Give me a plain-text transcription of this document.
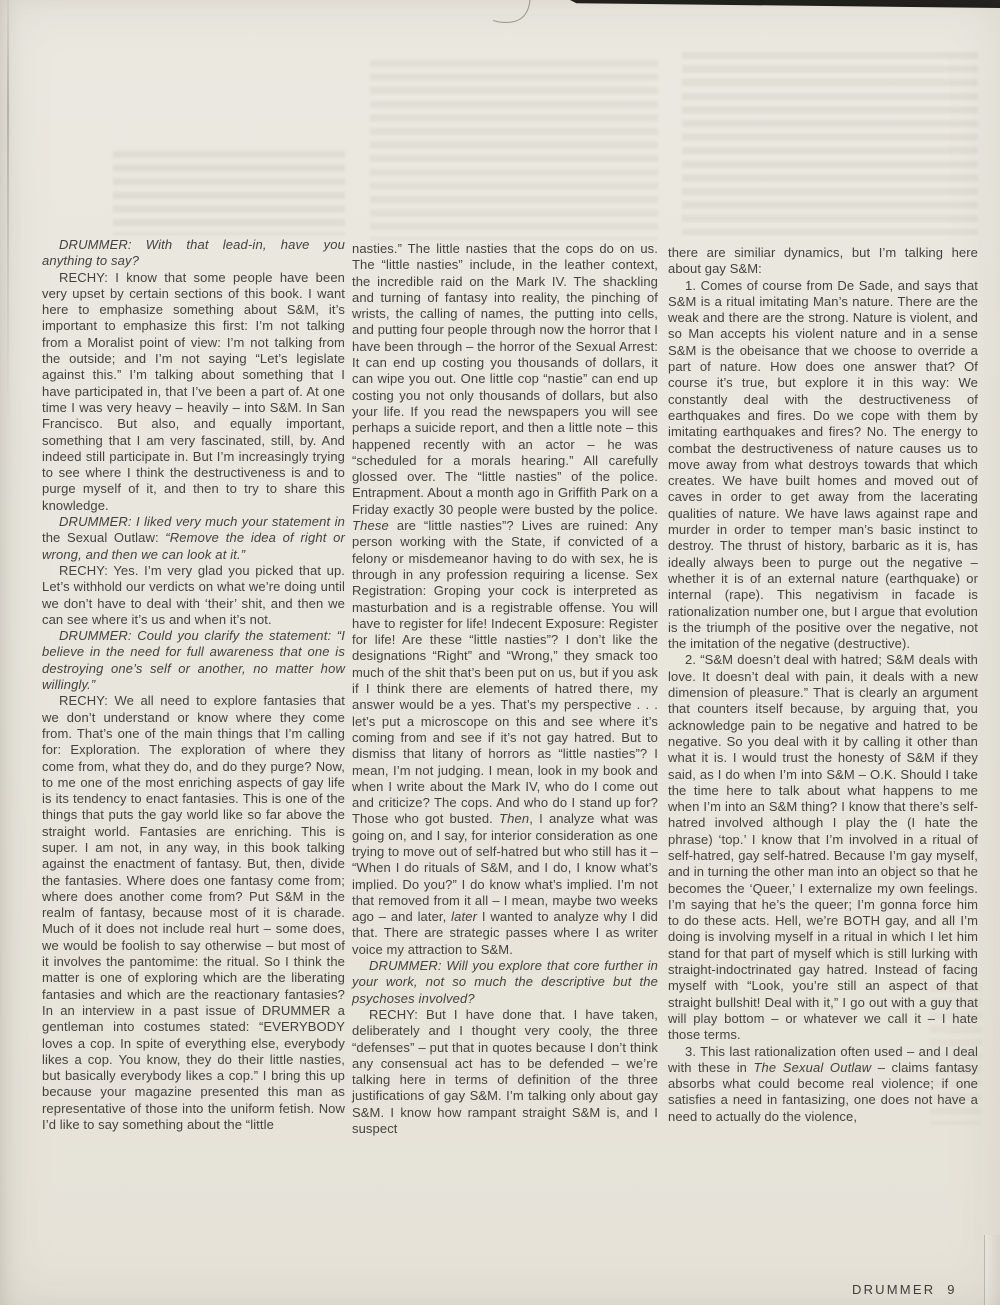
DRUMMER: With that lead-in, have you anything to say?

RECHY: I know that some people have been very upset by certain sections of this book. I want here to emphasize something about S&M, it’s important to emphasize this first: I’m not talking from a Moralist point of view: I’m not talking from the outside; and I’m not saying “Let’s legislate against this.” I’m talking about something that I have participated in, that I’ve been a part of. At one time I was very heavy – heavily – into S&M. In San Francisco. But also, and equally important, something that I am very fascinated, still, by. And indeed still participate in. But I’m increasingly trying to see where I think the destructiveness is and to purge myself of it, and then to try to share this knowledge.

DRUMMER: I liked very much your statement in the Sexual Outlaw: “Remove the idea of right or wrong, and then we can look at it.”

RECHY: Yes. I’m very glad you picked that up. Let’s withhold our verdicts on what we’re doing until we don’t have to deal with ‘their’ shit, and then we can see where it’s us and when it’s not.

DRUMMER: Could you clarify the statement: “I believe in the need for full awareness that one is destroying one’s self or another, no matter how willingly.”

RECHY: We all need to explore fantasies that we don’t understand or know where they come from. That’s one of the main things that I’m calling for: Exploration. The exploration of where they come from, what they do, and do they purge? Now, to me one of the most enriching aspects of gay life is its tendency to enact fantasies. This is one of the things that puts the gay world like so far above the straight world. Fantasies are enriching. This is super. I am not, in any way, in this book talking against the enactment of fantasy. But, then, divide the fantasies. Where does one fantasy come from; where does another come from? Put S&M in the realm of fantasy, because most of it is charade. Much of it does not include real hurt – some does, we would be foolish to say otherwise – but most of it involves the pantomime: the ritual. So I think the matter is one of exploring which are the liberating fantasies and which are the reactionary fantasies? In an interview in a past issue of DRUMMER a gentleman into costumes stated: “EVERYBODY loves a cop. In spite of everything else, everybody likes a cop. You know, they do their little nasties, but basically everybody likes a cop.” I bring this up because your magazine presented this man as representative of those into the uniform fetish. Now I’d like to say something about the “little

nasties.” The little nasties that the cops do on us. The “little nasties” include, in the leather context, the incredible raid on the Mark IV. The shackling and turning of fantasy into reality, the pinching of wrists, the calling of names, the putting into cells, and putting four people through now the horror that I have been through – the horror of the Sexual Arrest: It can end up costing you thousands of dollars, it can wipe you out. One little cop “nastie” can end up costing you not only thousands of dollars, but also your life. If you read the newspapers you will see perhaps a suicide report, and then a little note – this happened recently with an actor – he was “scheduled for a morals hearing.” All carefully glossed over. The “little nasties” of the police. Entrapment. About a month ago in Griffith Park on a Friday exactly 30 people were busted by the police. These are “little nasties”? Lives are ruined: Any person working with the State, if convicted of a felony or misdemeanor having to do with sex, he is through in any profession requiring a license. Sex Registration: Groping your cock is interpreted as masturbation and is a registrable offense. You will have to register for life! Indecent Exposure: Register for life! Are these “little nasties”? I don’t like the designations “Right” and “Wrong,” they smack too much of the shit that’s been put on us, but if you ask if I think there are elements of hatred there, my answer would be a yes. That’s my perspective . . . let’s put a microscope on this and see where it’s coming from and see if it’s not gay hatred. But to dismiss that litany of horrors as “little nasties”? I mean, I’m not judging. I mean, look in my book and when I write about the Mark IV, who do I come out and criticize? The cops. And who do I stand up for? Those who got busted. Then, I analyze what was going on, and I say, for interior consideration as one trying to move out of self-hatred but who still has it – “When I do rituals of S&M, and I do, I know what’s implied. Do you?” I do know what’s implied. I’m not that removed from it all – I mean, maybe two weeks ago – and later, later I wanted to analyze why I did that. There are strategic passes where I as writer voice my attraction to S&M.

DRUMMER: Will you explore that core further in your work, not so much the descriptive but the psychoses involved?

RECHY: But I have done that. I have taken, deliberately and I thought very cooly, the three “defenses” – put that in quotes because I don’t think any consensual act has to be defended – we’re talking here in terms of definition of the three justifications of gay S&M. I’m talking only about gay S&M. I know how rampant straight S&M is, and I suspect

there are similiar dynamics, but I’m talking here about gay S&M:

1. Comes of course from De Sade, and says that S&M is a ritual imitating Man’s nature. There are the weak and there are the strong. Nature is violent, and so Man accepts his violent nature and in a sense S&M is the obeisance that we choose to override a part of nature. How does one answer that? Of course it’s true, but explore it in this way: We constantly deal with the destructiveness of earthquakes and fires. Do we cope with them by imitating earthquakes and fires? No. The energy to combat the destructiveness of nature causes us to move away from what destroys towards that which creates. We have built homes and moved out of caves in order to get away from the lacerating qualities of nature. We have laws against rape and murder in order to temper man’s basic instinct to destroy. The thrust of history, barbaric as it is, has ideally always been to purge out the negative – whether it is of an external nature (earthquake) or internal (rape). This negativism in facade is rationalization number one, but I argue that evolution is the triumph of the positive over the negative, not the imitation of the negative (destructive).

2. “S&M doesn’t deal with hatred; S&M deals with love. It doesn’t deal with pain, it deals with a new dimension of pleasure.” That is clearly an argument that counters itself because, by arguing that, you acknowledge pain to be negative and hatred to be negative. So you deal with it by calling it other than what it is. I would trust the honesty of S&M if they said, as I do when I’m into S&M – O.K. Should I take the time here to talk about what happens to me when I’m into an S&M thing? I know that there’s self-hatred involved although I play the (I hate the phrase) ‘top.’ I know that I’m involved in a ritual of self-hatred, gay self-hatred. Because I’m gay myself, and in turning the other man into an object so that he becomes the ‘Queer,’ I externalize my own feelings. I’m saying that he’s the queer; I’m gonna force him to do these acts. Hell, we’re BOTH gay, and all I’m doing is involving myself in a ritual in which I let him stand for that part of myself which is still lurking with straight-indoctrinated gay hatred. Instead of facing myself with “Look, you’re still an aspect of that straight bullshit! Deal with it,” I go out with a guy that will play bottom – or whatever we call it – I hate those terms.

3. This last rationalization often used – and I deal with these in The Sexual Outlaw – claims fantasy absorbs what could become real violence; if one satisfies a need in fantasizing, one does not have a need to actually do the violence,

DRUMMER 9
